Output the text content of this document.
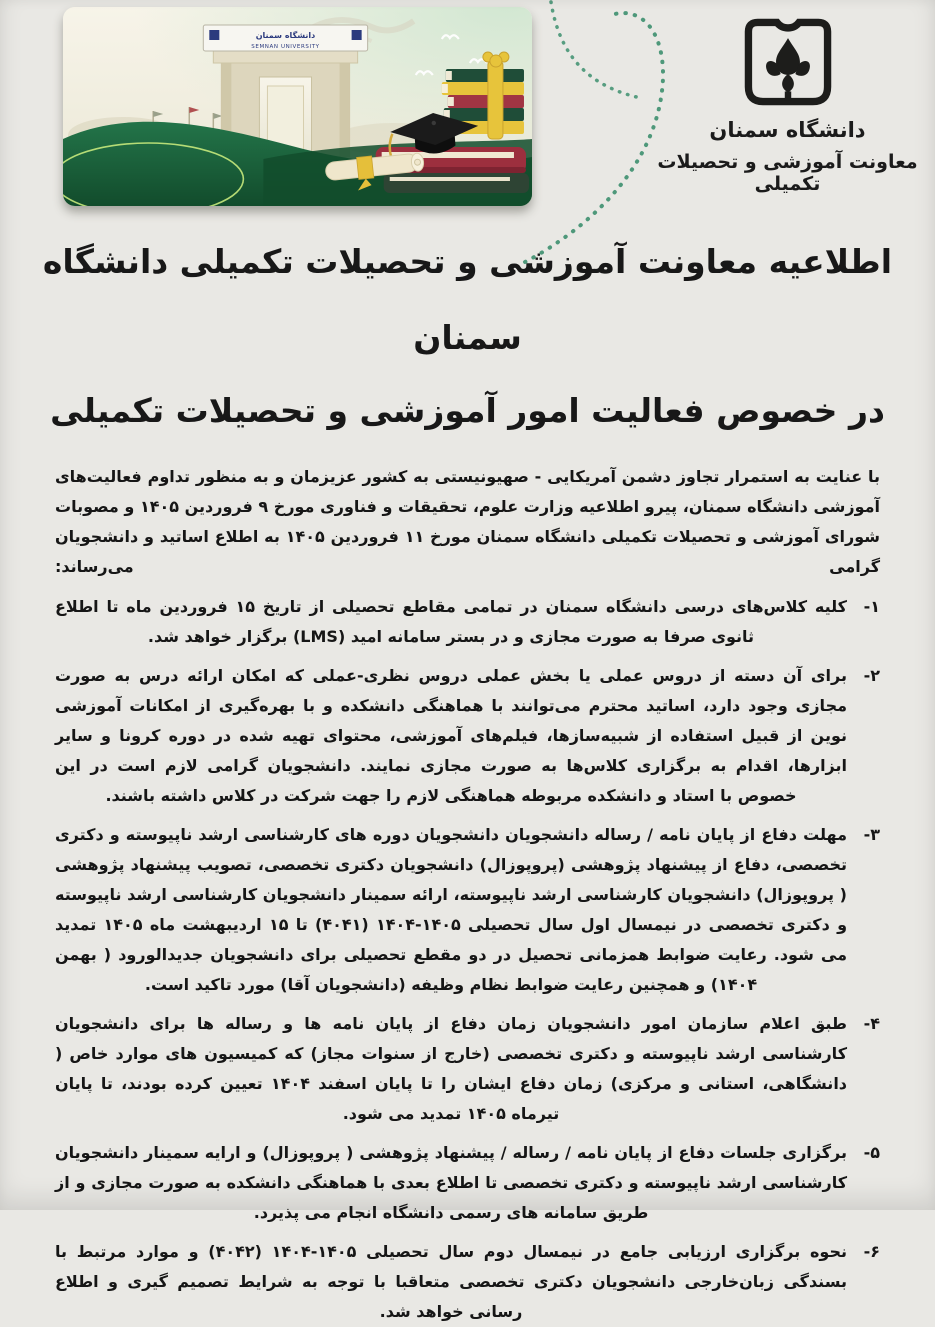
دانشگاه سمنان
SEMNAN UNIVERSITY
دانشگاه سمنان
معاونت آموزشی و تحصیلات تکمیلی
اطلاعیه معاونت آموزشی و تحصیلات تکمیلی دانشگاه سمنان
در خصوص فعالیت امور آموزشی و تحصیلات تکمیلی

با عنایت به استمرار تجاوز دشمن آمریکایی - صهیونیستی به کشور عزیزمان و به منظور تداوم فعالیت‌های آموزشی دانشگاه سمنان، پیرو اطلاعیه وزارت علوم، تحقیقات و فناوری مورخ ۹ فروردین ۱۴۰۵ و مصوبات شورای آموزشی و تحصیلات تکمیلی دانشگاه سمنان مورخ ۱۱ فروردین ۱۴۰۵ به اطلاع اساتید و دانشجویان گرامی می‌رساند:

۱-

کلیه کلاس‌های درسی دانشگاه سمنان در تمامی مقاطع تحصیلی از تاریخ ۱۵ فروردین ماه تا اطلاع ثانوی صرفا به صورت مجازی و در بستر سامانه امید (LMS) برگزار خواهد شد.

۲-

برای آن دسته از دروس عملی یا بخش عملی دروس نظری-عملی که امکان ارائه درس به صورت مجازی وجود دارد، اساتید محترم می‌توانند با هماهنگی دانشکده و با بهره‌گیری از امکانات آموزشی نوین از قبیل استفاده از شبیه‌سازها، فیلم‌های آموزشی، محتوای تهیه شده در دوره کرونا و سایر ابزارها، اقدام به برگزاری کلاس‌ها به صورت مجازی نمایند. دانشجویان گرامی لازم است در این خصوص با استاد و دانشکده مربوطه هماهنگی لازم را جهت شرکت در کلاس داشته باشند.

۳-

مهلت دفاع از پایان نامه / رساله دانشجویان دانشجویان دوره های کارشناسی ارشد ناپیوسته و دکتری تخصصی، دفاع از پیشنهاد پژوهشی (پروپوزال) دانشجویان دکتری تخصصی، تصویب پیشنهاد پژوهشی ( پروپوزال) دانشجویان کارشناسی ارشد ناپیوسته، ارائه سمینار دانشجویان کارشناسی ارشد ناپیوسته و دکتری تخصصی در نیمسال اول سال تحصیلی ۱۴۰۵-۱۴۰۴ (۴۰۴۱) تا ۱۵ اردیبهشت ماه ۱۴۰۵ تمدید می شود. رعایت ضوابط همزمانی تحصیل در دو مقطع تحصیلی برای دانشجویان جدیدالورود ( بهمن ۱۴۰۴) و همچنین رعایت ضوابط نظام وظیفه (دانشجویان آقا) مورد تاکید است.

۴-

طبق اعلام سازمان امور دانشجویان زمان دفاع از پایان نامه ها و رساله ها برای دانشجویان کارشناسی ارشد ناپیوسته و دکتری تخصصی (خارج از سنوات مجاز) که کمیسیون های موارد خاص ( دانشگاهی، استانی و مرکزی) زمان دفاع ایشان را تا پایان اسفند ۱۴۰۴ تعیین کرده بودند، تا پایان تیرماه ۱۴۰۵ تمدید می شود.

۵-

برگزاری جلسات دفاع از پایان نامه / رساله / پیشنهاد پژوهشی ( پروپوزال) و ارایه سمینار دانشجویان کارشناسی ارشد ناپیوسته و دکتری تخصصی تا اطلاع بعدی با هماهنگی دانشکده به صورت مجازی و از طریق سامانه های رسمی دانشگاه انجام می پذیرد.

۶-

نحوه برگزاری ارزیابی جامع در نیمسال دوم سال تحصیلی ۱۴۰۵-۱۴۰۴ (۴۰۴۲) و موارد مرتبط با بسندگی زبان‌خارجی دانشجویان دکتری تخصصی متعاقبا با توجه به شرایط تصمیم گیری و اطلاع رسانی خواهد شد.
